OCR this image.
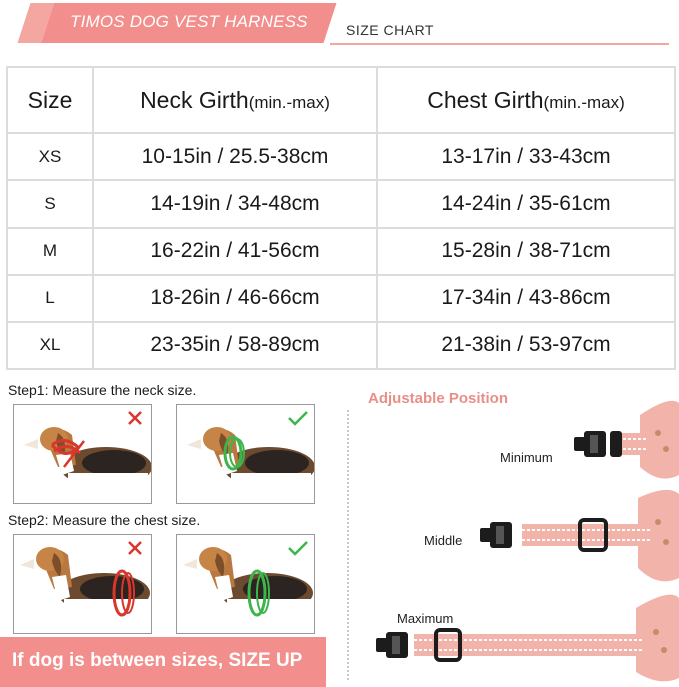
TIMOS DOG VEST HARNESS	SIZE CHART
Size	Neck Girth(min.-max)	Chest Girth(min.-max)
XS	10-15in / 25.5-38cm	13-17in / 33-43cm
S	14-19in / 34-48cm	14-24in / 35-61cm
M	16-22in / 41-56cm	15-28in / 38-71cm
L	18-26in / 46-66cm	17-34in / 43-86cm
XL	23-35in / 58-89cm	21-38in / 53-97cm
Step1: Measure the neck size.
Step2: Measure the chest size.
If dog is between sizes, SIZE UP
Adjustable Position
Minimum
Middle
Maximum
